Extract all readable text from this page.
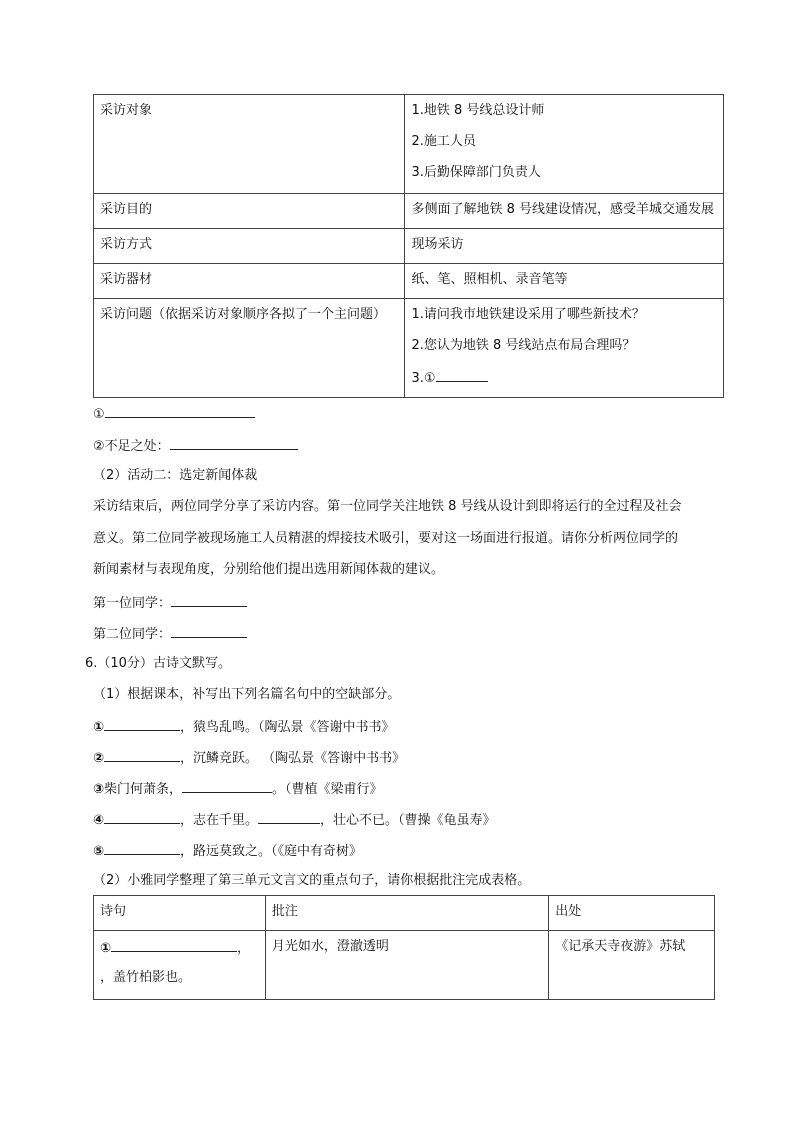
采访对象	1.地铁 8 号线总设计师
2.施工人员
3.后勤保障部门负责人

采访目的	多侧面了解地铁 8 号线建设情况，感受羊城交通发展
采访方式	现场采访
采访器材	纸、笔、照相机、录音笔等
采访问题（依据采访对象顺序各拟了一个主问题）	1.请问我市地铁建设采用了哪些新技术？
2.您认为地铁 8 号线站点布局合理吗？
3.①
①
②不足之处：
（2）活动二：选定新闻体裁
采访结束后，两位同学分享了采访内容。第一位同学关注地铁 8 号线从设计到即将运行的全过程及社会
意义。第二位同学被现场施工人员精湛的焊接技术吸引，要对这一场面进行报道。请你分析两位同学的
新闻素材与表现角度，分别给他们提出选用新闻体裁的建议。
第一位同学：
第二位同学：
6.（10分）古诗文默写。
（1）根据课本，补写出下列名篇名句中的空缺部分。
①	，猿鸟乱鸣。（陶弘景《答谢中书书》
②	，沉鳞竞跃。 （陶弘景《答谢中书书》
③柴门何萧条，	。（曹植《梁甫行》
④	，志在千里。	，壮心不已。（曹操《龟虽寿》
⑤	，路远莫致之。（《庭中有奇树》
（2）小雅同学整理了第三单元文言文的重点句子，请你根据批注完成表格。
诗句	批注	出处

① ，
，盖竹柏影也。	月光如水，澄澈透明	《记承天寺夜游》苏轼
